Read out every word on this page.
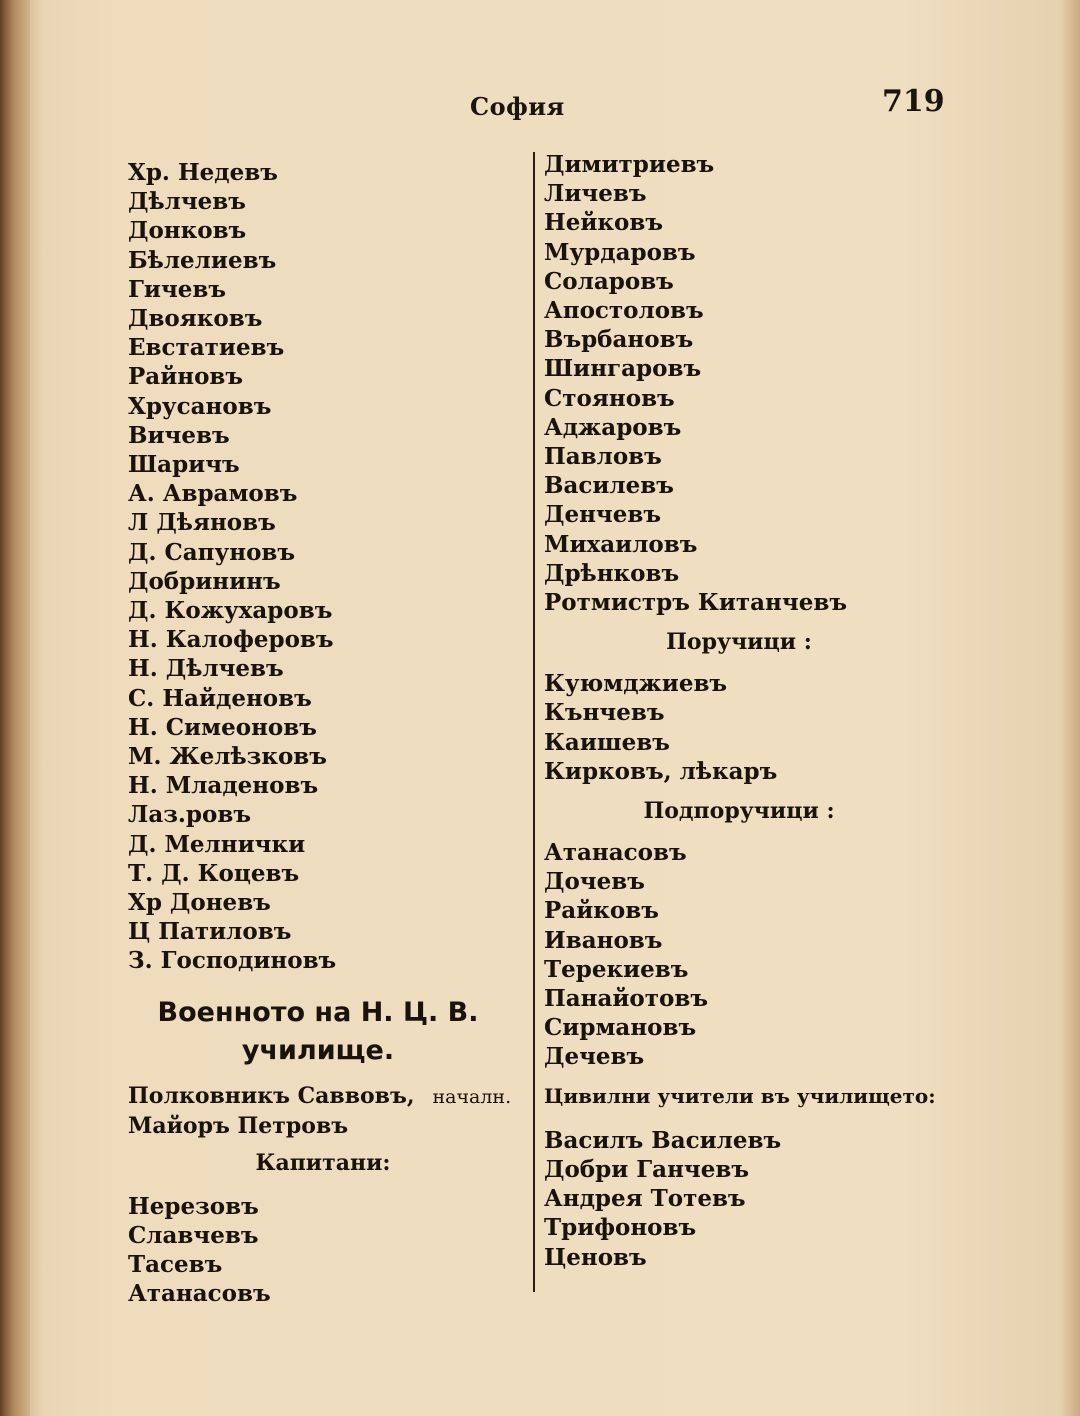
София	719
Хр. Недевъ
Дѣлчевъ
Донковъ
Бѣлелиевъ
Гичевъ
Двояковъ
Евстатиевъ
Райновъ
Хрусановъ
Вичевъ
Шаричъ
А. Аврамовъ
Л Дѣяновъ
Д. Сапуновъ
Добрининъ
Д. Кожухаровъ
Н. Калоферовъ
Н. Дѣлчевъ
С. Найденовъ
Н. Симеоновъ
М. Желѣзковъ
Н. Младеновъ
Лаз.ровъ
Д. Мелнички
Т. Д. Коцевъ
Хр Доневъ
Ц Патиловъ
З. Господиновъ
Военното на Н. Ц. В.
училище.
Полковникъ Саввовъ, началн.
Майоръ Петровъ
Капитани:
Нерезовъ
Славчевъ
Тасевъ
Атанасовъ
Димитриевъ
Личевъ
Нейковъ
Мурдаровъ
Соларовъ
Апостоловъ
Върбановъ
Шингаровъ
Стояновъ
Аджаровъ
Павловъ
Василевъ
Денчевъ
Михаиловъ
Дрѣнковъ
Ротмистръ Китанчевъ
Поручици :
Куюмджиевъ
Кънчевъ
Каишевъ
Кирковъ, лѣкаръ
Подпоручици :
Атанасовъ
Дочевъ
Райковъ
Ивановъ
Терекиевъ
Панайотовъ
Сирмановъ
Дечевъ
Цивилни учители въ училището:
Василъ Василевъ
Добри Ганчевъ
Андрея Тотевъ
Трифоновъ
Ценовъ
